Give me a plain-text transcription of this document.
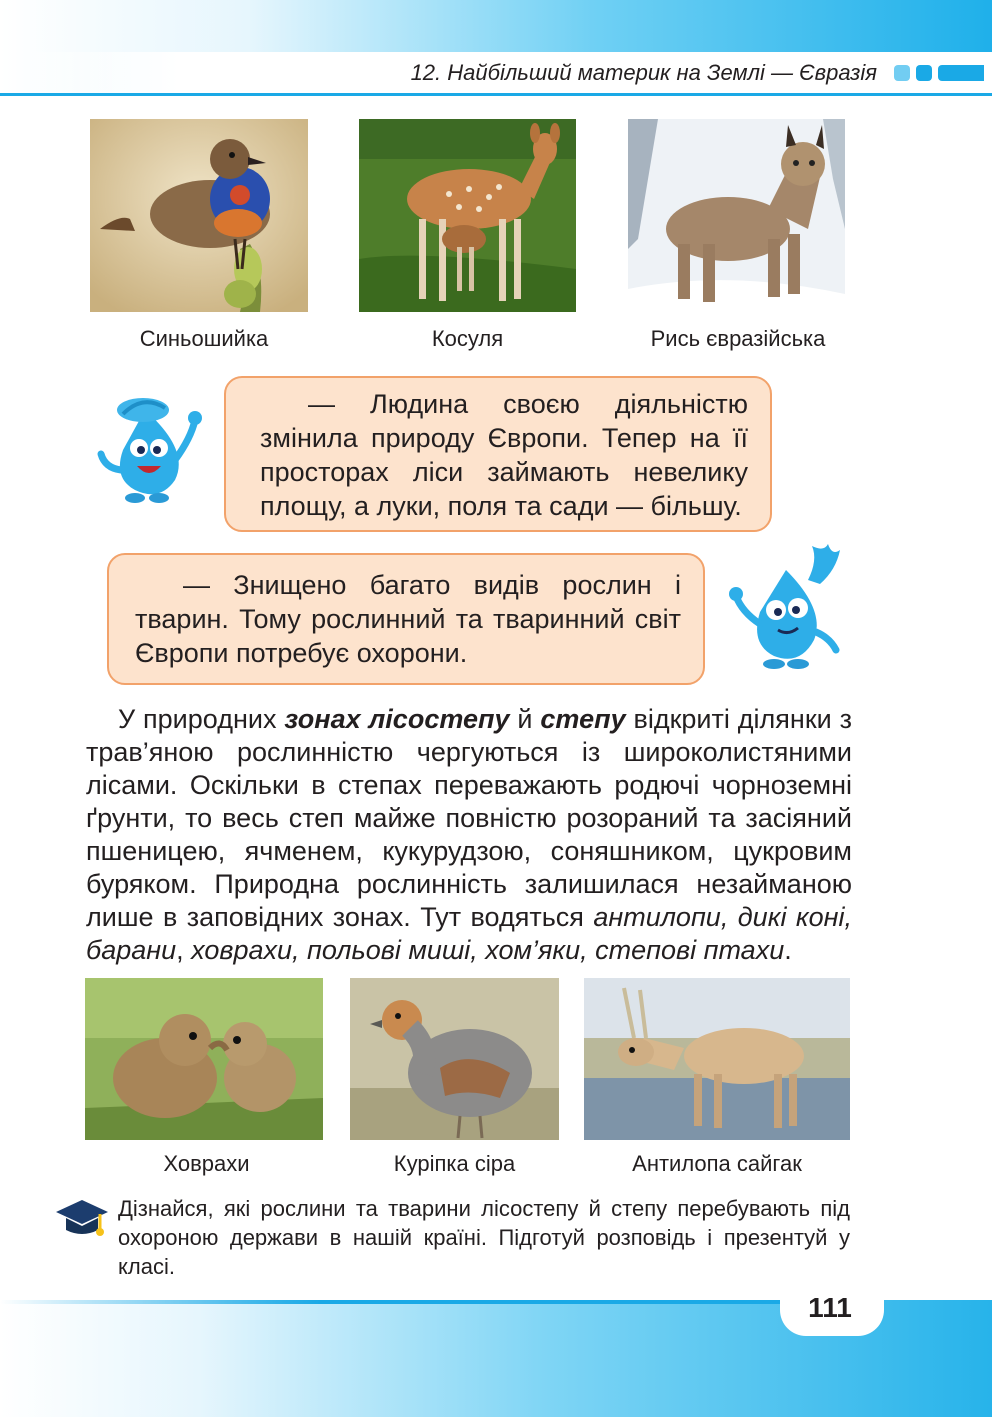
12. Найбільший материк на Землі — Євразія
Синьошийка	Косуля	Рись євразійська

— Людина своєю діяльністю змінила природу Європи. Тепер на її просторах ліси займають невелику площу, а луки, поля та сади — більшу.

— Знищено багато видів рослин і тварин. Тому рослинний та тваринний світ Європи потребує охорони.

У природних зонах лісостепу й степу відкриті ділянки з трав’яною рослинністю чергуються із широколистяними лісами. Оскільки в степах переважають родючі чорноземні ґрунти, то весь степ майже повністю розораний та засіяний пшеницею, ячменем, кукурудзою, соняшником, цукровим буряком. Природна рослинність залишилася незайманою лише в заповідних зонах. Тут водяться антилопи, дикі коні, барани, ховрахи, польові миші, хом’яки, степові птахи.

Ховрахи	Куріпка сіра	Антилопа сайгак

Дізнайся, які рослини та тварини лісостепу й степу перебувають під охороною держави в нашій країні. Підготуй розповідь і презентуй у класі.

111
